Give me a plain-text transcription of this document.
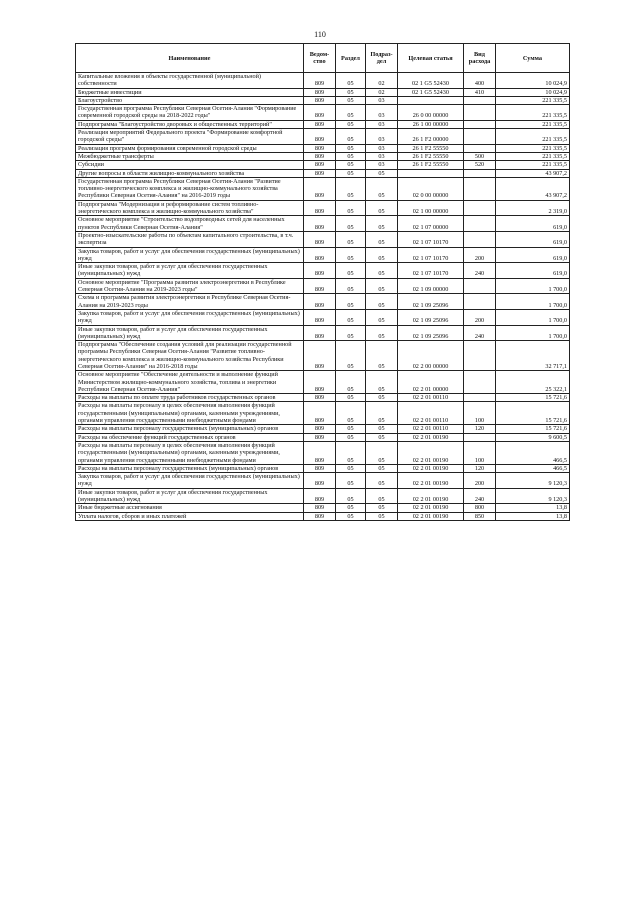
110
Наименование	Ведом-ство	Раздел	Подраз-дел	Целевая статья	Вид расхода	Сумма
Капитальные вложения в объекты государственной (муниципальной) собственности	809	05	02	02 1 G5 52430	400	10 024,9
Бюджетные инвестиции	809	05	02	02 1 G5 52430	410	10 024,9
Благоустройство	809	05	03			221 335,5
Государственная программа Республики Северная Осетия-Алания "Формирование современной городской среды на 2018-2022 годы"	809	05	03	26 0 00 00000		221 335,5
Подпрограмма "Благоустройство дворовых и общественных территорий"	809	05	03	26 1 00 00000		221 335,5
Реализация мероприятий Федерального проекта "Формирование комфортной городской среды"	809	05	03	26 1 F2 00000		221 335,5
Реализация программ формирования современной городской среды	809	05	03	26 1 F2 55550		221 335,5
Межбюджетные трансферты	809	05	03	26 1 F2 55550	500	221 335,5
Субсидии	809	05	03	26 1 F2 55550	520	221 335,5
Другие вопросы в области жилищно-коммунального хозяйства	809	05	05			43 907,2
Государственная программа Республики Северная Осетия-Алания "Развитие топливно-энергетического комплекса и жилищно-коммунального хозяйства Республики Северная Осетия-Алания" на 2016-2019 годы	809	05	05	02 0 00 00000		43 907,2
Подпрограмма "Модернизация и реформирование систем топливно-энергетического комплекса и жилищно-коммунального хозяйства"	809	05	05	02 1 00 00000		2 319,0
Основное мероприятие "Строительство водопроводных сетей для населенных пунктов Республики Северная Осетия-Алания"	809	05	05	02 1 07 00000		619,0
Проектно-изыскательские работы по объектам капитального строительства, в т.ч. экспертиза	809	05	05	02 1 07 10170		619,0
Закупка товаров, работ и услуг для обеспечения государственных (муниципальных) нужд	809	05	05	02 1 07 10170	200	619,0
Иные закупки товаров, работ и услуг для обеспечения государственных (муниципальных) нужд	809	05	05	02 1 07 10170	240	619,0
Основное мероприятие "Программа развития электроэнергетики в Республике Северная Осетия-Алания на 2019-2023 годы"	809	05	05	02 1 09 00000		1 700,0
Схема и программа развития электроэнергетики в Республике Северная Осетия-Алания на 2019-2023 годы	809	05	05	02 1 09 25096		1 700,0
Закупка товаров, работ и услуг для обеспечения государственных (муниципальных) нужд	809	05	05	02 1 09 25096	200	1 700,0
Иные закупки товаров, работ и услуг для обеспечения государственных (муниципальных) нужд	809	05	05	02 1 09 25096	240	1 700,0
Подпрограмма "Обеспечение создания условий для реализации государственной программы Республики Северная Осетия-Алания "Развитие топливно-энергетического комплекса и жилищно-коммунального хозяйства Республики Северная Осетия-Алания" на 2016-2018 годы	809	05	05	02 2 00 00000		32 717,1
Основное мероприятие "Обеспечение деятельности и выполнение функций Министерством жилищно-коммунального хозяйства, топлива и энергетики Республики Северная Осетия-Алания"	809	05	05	02 2 01 00000		25 322,1
Расходы на выплаты по оплате труда работников государственных органов	809	05	05	02 2 01 00110		15 721,6
Расходы на выплаты персоналу в целях обеспечения выполнения функций государственными (муниципальными) органами, казенными учреждениями, органами управления государственными внебюджетными фондами	809	05	05	02 2 01 00110	100	15 721,6
Расходы на выплаты персоналу государственных (муниципальных) органов	809	05	05	02 2 01 00110	120	15 721,6
Расходы на обеспечение функций государственных органов	809	05	05	02 2 01 00190		9 600,5
Расходы на выплаты персоналу в целях обеспечения выполнения функций государственными (муниципальными) органами, казенными учреждениями, органами управления государственными внебюджетными фондами	809	05	05	02 2 01 00190	100	466,5
Расходы на выплаты персоналу государственных (муниципальных) органов	809	05	05	02 2 01 00190	120	466,5
Закупка товаров, работ и услуг для обеспечения государственных (муниципальных) нужд	809	05	05	02 2 01 00190	200	9 120,3
Иные закупки товаров, работ и услуг для обеспечения государственных (муниципальных) нужд	809	05	05	02 2 01 00190	240	9 120,3
Иные бюджетные ассигнования	809	05	05	02 2 01 00190	800	13,8
Уплата налогов, сборов и иных платежей	809	05	05	02 2 01 00190	850	13,8
